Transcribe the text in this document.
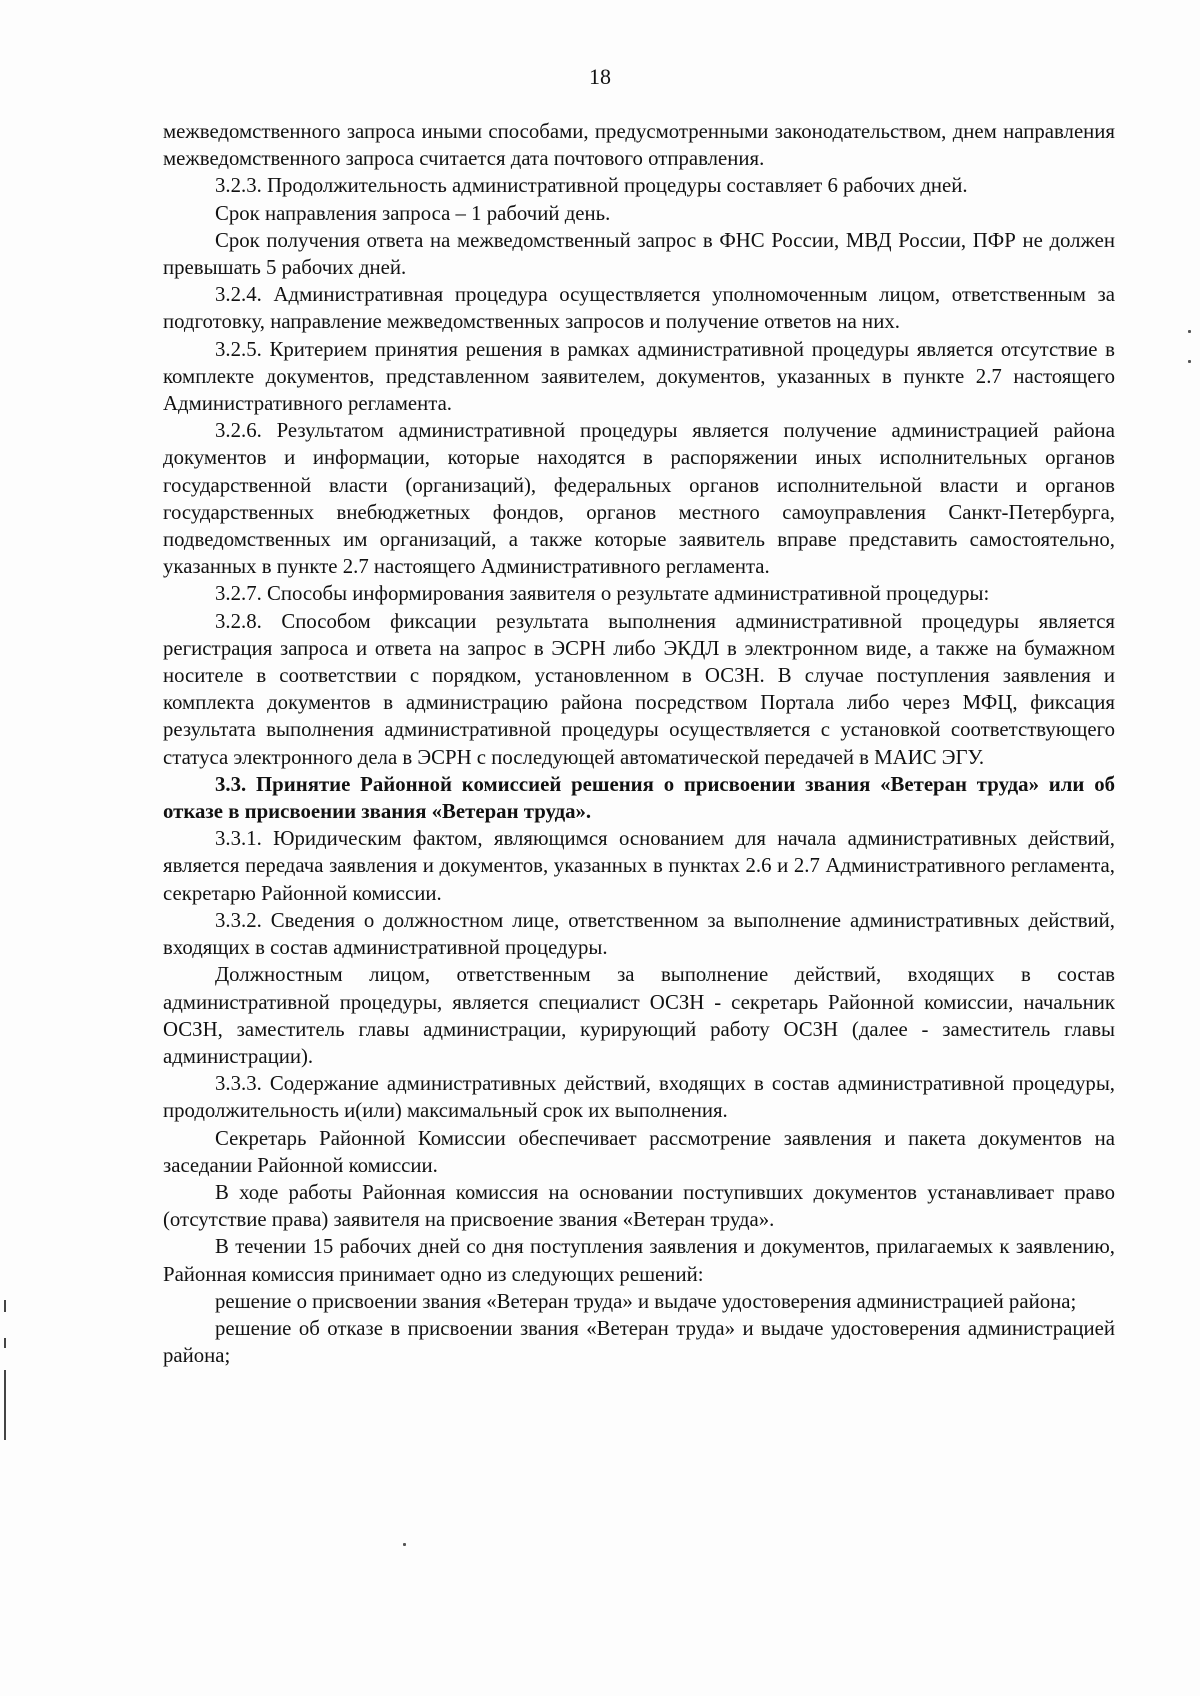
18

межведомственного запроса иными способами, предусмотренными законодательством, днем направления межведомственного запроса считается дата почтового отправления.

3.2.3. Продолжительность административной процедуры составляет 6 рабочих дней.

Срок направления запроса – 1 рабочий день.

Срок получения ответа на межведомственный запрос в ФНС России, МВД России, ПФР не должен превышать 5 рабочих дней.

3.2.4. Административная процедура осуществляется уполномоченным лицом, ответственным за подготовку, направление межведомственных запросов и получение ответов на них.

3.2.5. Критерием принятия решения в рамках административной процедуры является отсутствие в комплекте документов, представленном заявителем, документов, указанных в пункте 2.7 настоящего Административного регламента.

3.2.6. Результатом административной процедуры является получение администрацией района документов и информации, которые находятся в распоряжении иных исполнительных органов государственной власти (организаций), федеральных органов исполнительной власти и органов государственных внебюджетных фондов, органов местного самоуправления Санкт-Петербурга, подведомственных им организаций, а также которые заявитель вправе представить самостоятельно, указанных в пункте 2.7 настоящего Административного регламента.

3.2.7. Способы информирования заявителя о результате административной процедуры:

3.2.8. Способом фиксации результата выполнения административной процедуры является регистрация запроса и ответа на запрос в ЭСРН либо ЭКДЛ в электронном виде, а также на бумажном носителе в соответствии с порядком, установленном в ОСЗН. В случае поступления заявления и комплекта документов в администрацию района посредством Портала либо через МФЦ, фиксация результата выполнения административной процедуры осуществляется с установкой соответствующего статуса электронного дела в ЭСРН с последующей автоматической передачей в МАИС ЭГУ.

3.3. Принятие Районной комиссией решения о присвоении звания «Ветеран труда» или об отказе в присвоении звания «Ветеран труда».

3.3.1. Юридическим фактом, являющимся основанием для начала административных действий, является передача заявления и документов, указанных в пунктах 2.6 и 2.7 Административного регламента, секретарю Районной комиссии.

3.3.2. Сведения о должностном лице, ответственном за выполнение административных действий, входящих в состав административной процедуры.

Должностным лицом, ответственным за выполнение действий, входящих в состав административной процедуры, является специалист ОСЗН - секретарь Районной комиссии, начальник ОСЗН, заместитель главы администрации, курирующий работу ОСЗН (далее - заместитель главы администрации).

3.3.3. Содержание административных действий, входящих в состав административной процедуры, продолжительность и(или) максимальный срок их выполнения.

Секретарь Районной Комиссии обеспечивает рассмотрение заявления и пакета документов на заседании Районной комиссии.

В ходе работы Районная комиссия на основании поступивших документов устанавливает право (отсутствие права) заявителя на присвоение звания «Ветеран труда».

В течении 15 рабочих дней со дня поступления заявления и документов, прилагаемых к заявлению, Районная комиссия принимает одно из следующих решений:

решение о присвоении звания «Ветеран труда» и выдаче удостоверения администрацией района;

решение об отказе в присвоении звания «Ветеран труда» и выдаче удостоверения администрацией района;
